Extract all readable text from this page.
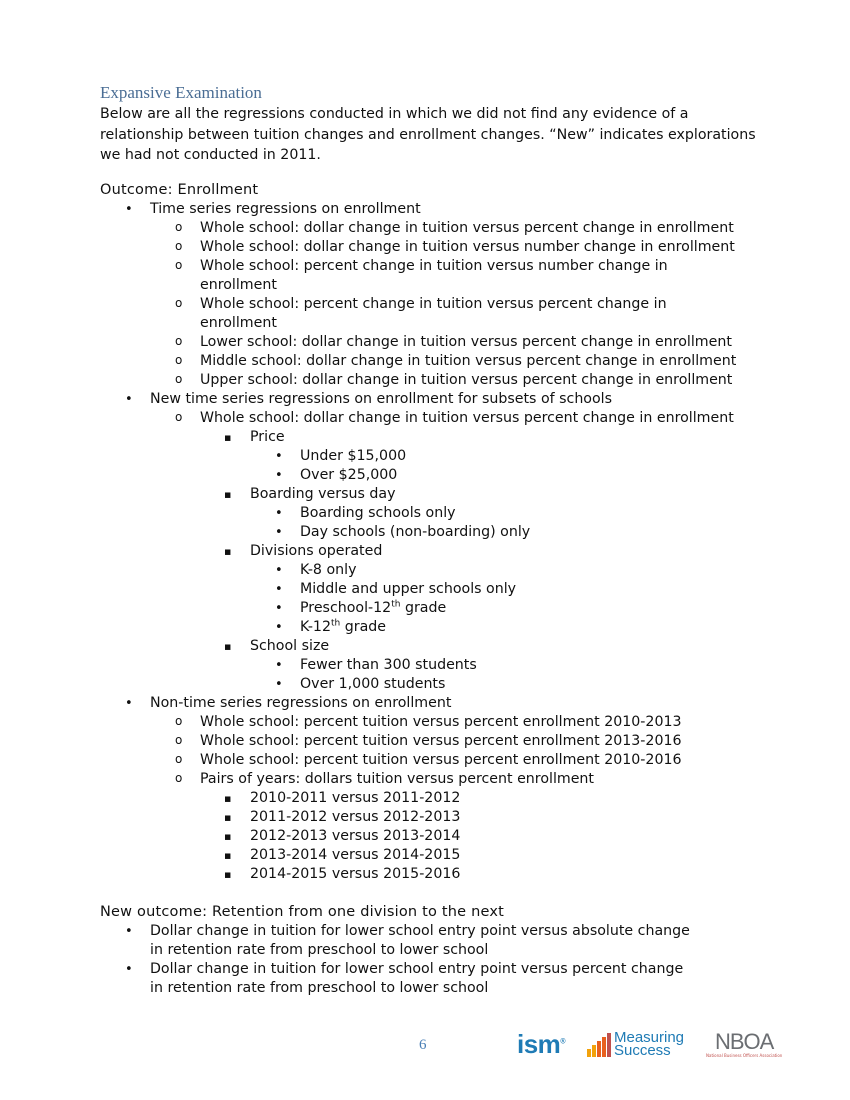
Expansive Examination

Below are all the regressions conducted in which we did not find any evidence of a relationship between tuition changes and enrollment changes. “New” indicates explorations we had not conducted in 2011.

Outcome: Enrollment
• Time series regressions on enrollment
o Whole school: dollar change in tuition versus percent change in enrollment
o Whole school: dollar change in tuition versus number change in enrollment
o Whole school: percent change in tuition versus number change in enrollment
o Whole school: percent change in tuition versus percent change in enrollment
o Lower school: dollar change in tuition versus percent change in enrollment
o Middle school: dollar change in tuition versus percent change in enrollment
o Upper school: dollar change in tuition versus percent change in enrollment
• New time series regressions on enrollment for subsets of schools
o Whole school: dollar change in tuition versus percent change in enrollment
▪ Price
• Under $15,000
• Over $25,000
▪ Boarding versus day
• Boarding schools only
• Day schools (non-boarding) only
▪ Divisions operated
• K-8 only
• Middle and upper schools only
• Preschool-12th grade
• K-12th grade
▪ School size
• Fewer than 300 students
• Over 1,000 students
• Non-time series regressions on enrollment
o Whole school: percent tuition versus percent enrollment 2010-2013
o Whole school: percent tuition versus percent enrollment 2013-2016
o Whole school: percent tuition versus percent enrollment 2010-2016
o Pairs of years: dollars tuition versus percent enrollment
▪ 2010-2011 versus 2011-2012
▪ 2011-2012 versus 2012-2013
▪ 2012-2013 versus 2013-2014
▪ 2013-2014 versus 2014-2015
▪ 2014-2015 versus 2015-2016
New outcome: Retention from one division to the next
• Dollar change in tuition for lower school entry point versus absolute change in retention rate from preschool to lower school
• Dollar change in tuition for lower school entry point versus percent change in retention rate from preschool to lower school
6	ism®	Measuring
Success	NBOA
National Business Officers Association
